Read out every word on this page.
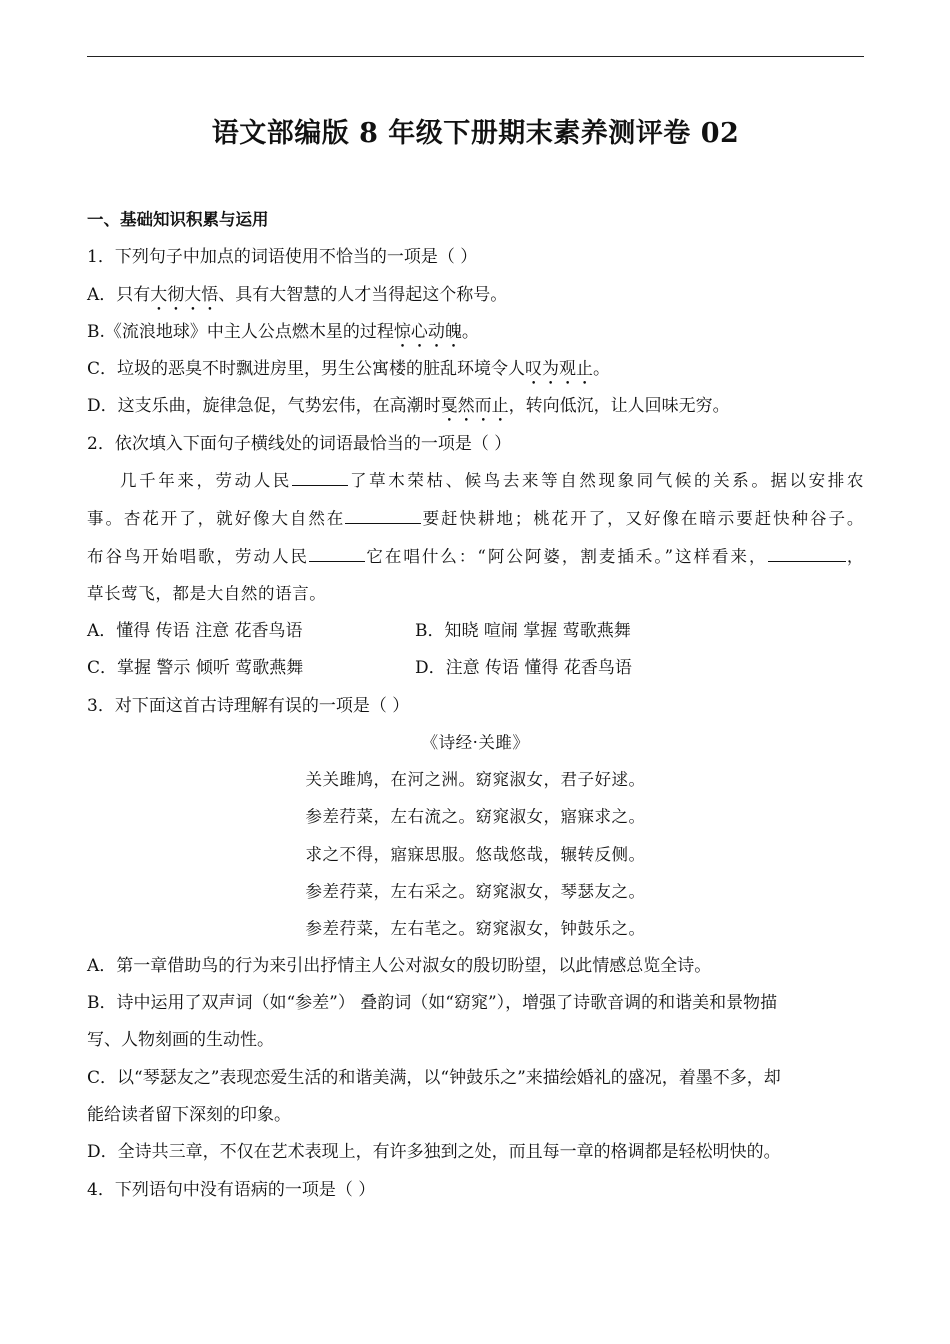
语文部编版 8 年级下册期末素养测评卷 02
一、基础知识积累与运用
1．下列句子中加点的词语使用不恰当的一项是（ ）
A．只有大彻大悟、具有大智慧的人才当得起这个称号。
B.《流浪地球》中主人公点燃木星的过程惊心动魄。
C．垃圾的恶臭不时飘进房里，男生公寓楼的脏乱环境令人叹为观止。
D．这支乐曲，旋律急促，气势宏伟，在高潮时戛然而止，转向低沉，让人回味无穷。
2．依次填入下面句子横线处的词语最恰当的一项是（ ）
几千年来，劳动人民	了草木荣枯、候鸟去来等自然现象同气候的关系。据以安排农
事。杏花开了，就好像大自然在	要赶快耕地；桃花开了，又好像在暗示要赶快种谷子。
布谷鸟开始唱歌，劳动人民	它在唱什么：“阿公阿婆，割麦插禾。”这样看来，	，
草长莺飞，都是大自然的语言。
A．懂得 传语 注意 花香鸟语	B．知晓 喧闹 掌握 莺歌燕舞
C．掌握 警示 倾听 莺歌燕舞	D．注意 传语 懂得 花香鸟语
3．对下面这首古诗理解有误的一项是（ ）
《诗经·关雎》
关关雎鸠，在河之洲。窈窕淑女，君子好逑。
参差荇菜，左右流之。窈窕淑女，寤寐求之。
求之不得，寤寐思服。悠哉悠哉，辗转反侧。
参差荇菜，左右采之。窈窕淑女，琴瑟友之。
参差荇菜，左右芼之。窈窕淑女，钟鼓乐之。
A．第一章借助鸟的行为来引出抒情主人公对淑女的殷切盼望，以此情感总览全诗。
B．诗中运用了双声词（如“参差”） 叠韵词（如“窈窕”），增强了诗歌音调的和谐美和景物描
写、人物刻画的生动性。
C．以“琴瑟友之”表现恋爱生活的和谐美满，以“钟鼓乐之”来描绘婚礼的盛况，着墨不多，却
能给读者留下深刻的印象。
D．全诗共三章，不仅在艺术表现上，有许多独到之处，而且每一章的格调都是轻松明快的。
4．下列语句中没有语病的一项是（ ）
